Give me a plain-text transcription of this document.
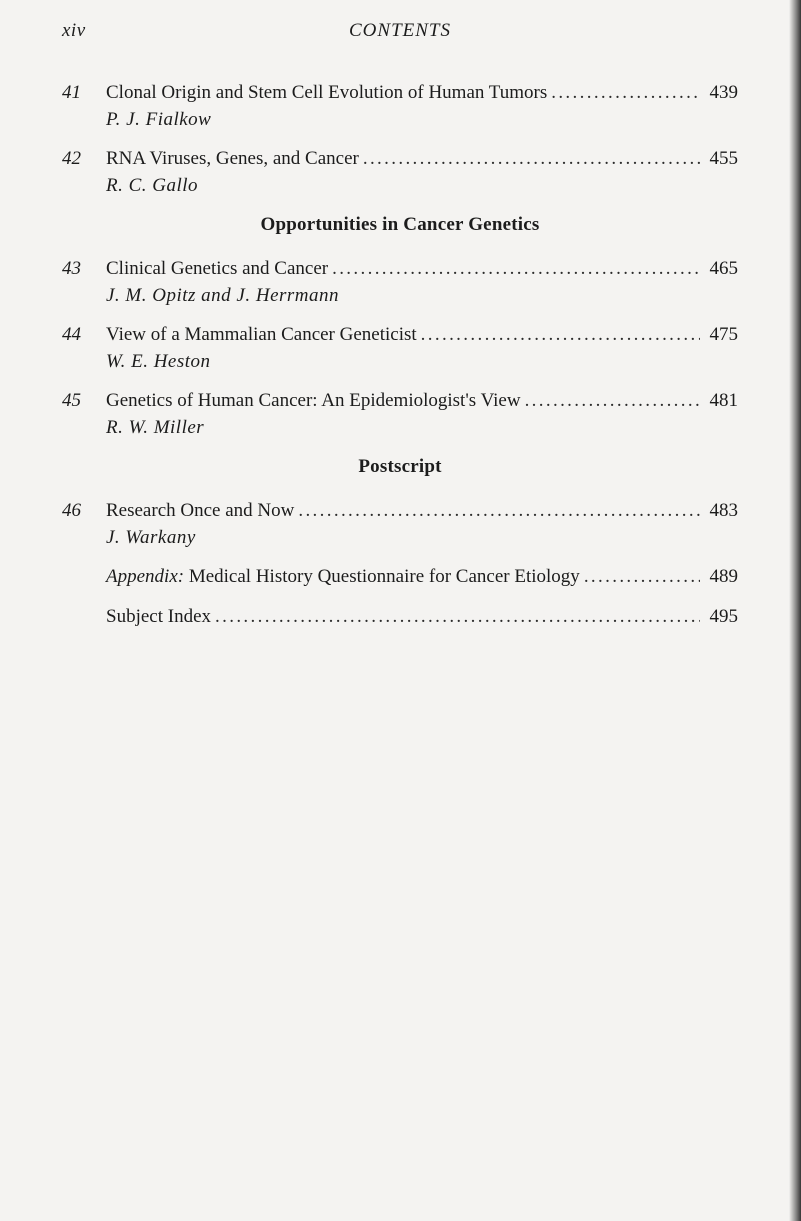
xiv	CONTENTS
41	Clonal Origin and Stem Cell Evolution of Human Tumors . . .	439
P. J. Fialkow
42	RNA Viruses, Genes, and Cancer . . .	455
R. C. Gallo
Opportunities in Cancer Genetics
43	Clinical Genetics and Cancer . . .	465
J. M. Opitz and J. Herrmann
44	View of a Mammalian Cancer Geneticist . . .	475
W. E. Heston
45	Genetics of Human Cancer: An Epidemiologist's View . . .	481
R. W. Miller
Postscript
46	Research Once and Now . . .	483
J. Warkany
Appendix: Medical History Questionnaire for Cancer Etiology . . .	489
Subject Index . . .	495
